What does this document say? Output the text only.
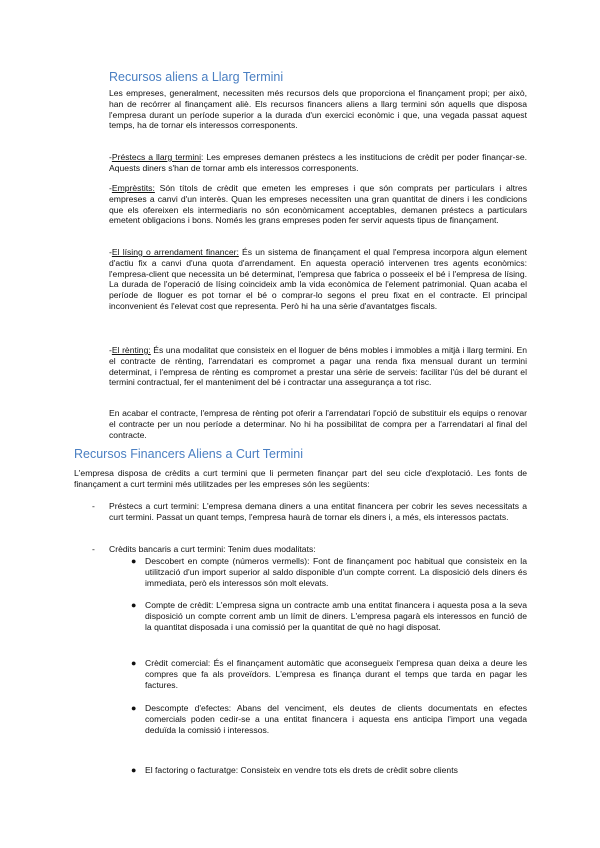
Recursos aliens a Llarg Termini

Les empreses, generalment, necessiten més recursos dels que proporciona el finançament propi; per això, han de recórrer al finançament aliè. Els recursos financers aliens a llarg termini són aquells que disposa l'empresa durant un període superior a la durada d'un exercici econòmic i que, una vegada passat aquest temps, ha de tornar els interessos corresponents.

-Préstecs a llarg termini: Les empreses demanen préstecs a les institucions de crèdit per poder finançar-se. Aquests diners s'han de tornar amb els interessos corresponents.

-Emprèstits: Són títols de crèdit que emeten les empreses i que són comprats per particulars i altres empreses a canvi d'un interès. Quan les empreses necessiten una gran quantitat de diners i les condicions que els ofereixen els intermediaris no són econòmicament acceptables, demanen préstecs a particulars emetent obligacions i bons. Només les grans empreses poden fer servir aquests tipus de finançament.

-El lísing o arrendament financer: És un sistema de finançament el qual l'empresa incorpora algun element d'actiu fix a canvi d'una quota d'arrendament. En aquesta operació intervenen tres agents econòmics: l'empresa-client que necessita un bé determinat, l'empresa que fabrica o posseeix el bé i l'empresa de lísing. La durada de l'operació de lísing coincideix amb la vida econòmica de l'element patrimonial. Quan acaba el període de lloguer es pot tornar el bé o comprar-lo segons el preu fixat en el contracte. El principal inconvenient és l'elevat cost que representa. Però hi ha una sèrie d'avantatges fiscals.

-El rènting: És una modalitat que consisteix en el lloguer de béns mobles i immobles a mitjà i llarg termini. En el contracte de rènting, l'arrendatari es compromet a pagar una renda fixa mensual durant un termini determinat, i l'empresa de rènting es compromet a prestar una sèrie de serveis: facilitar l'ús del bé durant el termini contractual, fer el manteniment del bé i contractar una assegurança a tot risc.

En acabar el contracte, l'empresa de rènting pot oferir a l'arrendatari l'opció de substituir els equips o renovar el contracte per un nou període a determinar. No hi ha possibilitat de compra per a l'arrendatari al final del contracte.

Recursos Financers Aliens a Curt Termini

L'empresa disposa de crèdits a curt termini que li permeten finançar part del seu cicle d'explotació. Les fonts de finançament a curt termini més utilitzades per les empreses són les següents:

- Préstecs a curt termini: L'empresa demana diners a una entitat financera per cobrir les seves necessitats a curt termini. Passat un quant temps, l'empresa haurà de tornar els diners i, a més, els interessos pactats.

- Crèdits bancaris a curt termini: Tenim dues modalitats:

● Descobert en compte (números vermells): Font de finançament poc habitual que consisteix en la utilització d'un import superior al saldo disponible d'un compte corrent. La disposició dels diners és immediata, però els interessos són molt elevats.

● Compte de crèdit: L'empresa signa un contracte amb una entitat financera i aquesta posa a la seva disposició un compte corrent amb un límit de diners. L'empresa pagarà els interessos en funció de la quantitat disposada i una comissió per la quantitat de què no hagi disposat.

● Crèdit comercial: És el finançament automàtic que aconsegueix l'empresa quan deixa a deure les compres que fa als proveïdors. L'empresa es finança durant el temps que tarda en pagar les factures.

● Descompte d'efectes: Abans del venciment, els deutes de clients documentats en efectes comercials poden cedir-se a una entitat financera i aquesta ens anticipa l'import una vegada deduïda la comissió i interessos.

● El factoring o facturatge: Consisteix en vendre tots els drets de crèdit sobre clients
